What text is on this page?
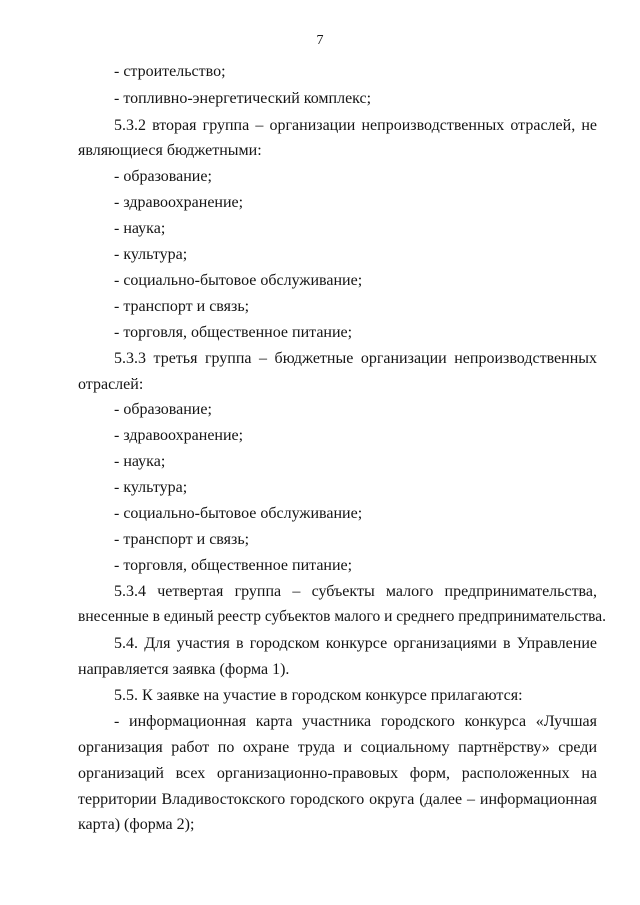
7
- строительство;
- топливно-энергетический комплекс;
5.3.2 вторая группа – организации непроизводственных отраслей, не
являющиеся бюджетными:
- образование;
- здравоохранение;
- наука;
- культура;
- социально-бытовое обслуживание;
- транспорт и связь;
- торговля, общественное питание;
5.3.3 третья группа – бюджетные организации непроизводственных
отраслей:
- образование;
- здравоохранение;
- наука;
- культура;
- социально-бытовое обслуживание;
- транспорт и связь;
- торговля, общественное питание;
5.3.4 четвертая группа – субъекты малого предпринимательства,
внесенные в единый реестр субъектов малого и среднего предпринимательства.
5.4. Для участия в городском конкурсе организациями в Управление
направляется заявка (форма 1).
5.5. К заявке на участие в городском конкурсе прилагаются:
- информационная карта участника городского конкурса «Лучшая
организация работ по охране труда и социальному партнёрству» среди
организаций всех организационно-правовых форм, расположенных на
территории Владивостокского городского округа (далее – информационная
карта) (форма 2);
